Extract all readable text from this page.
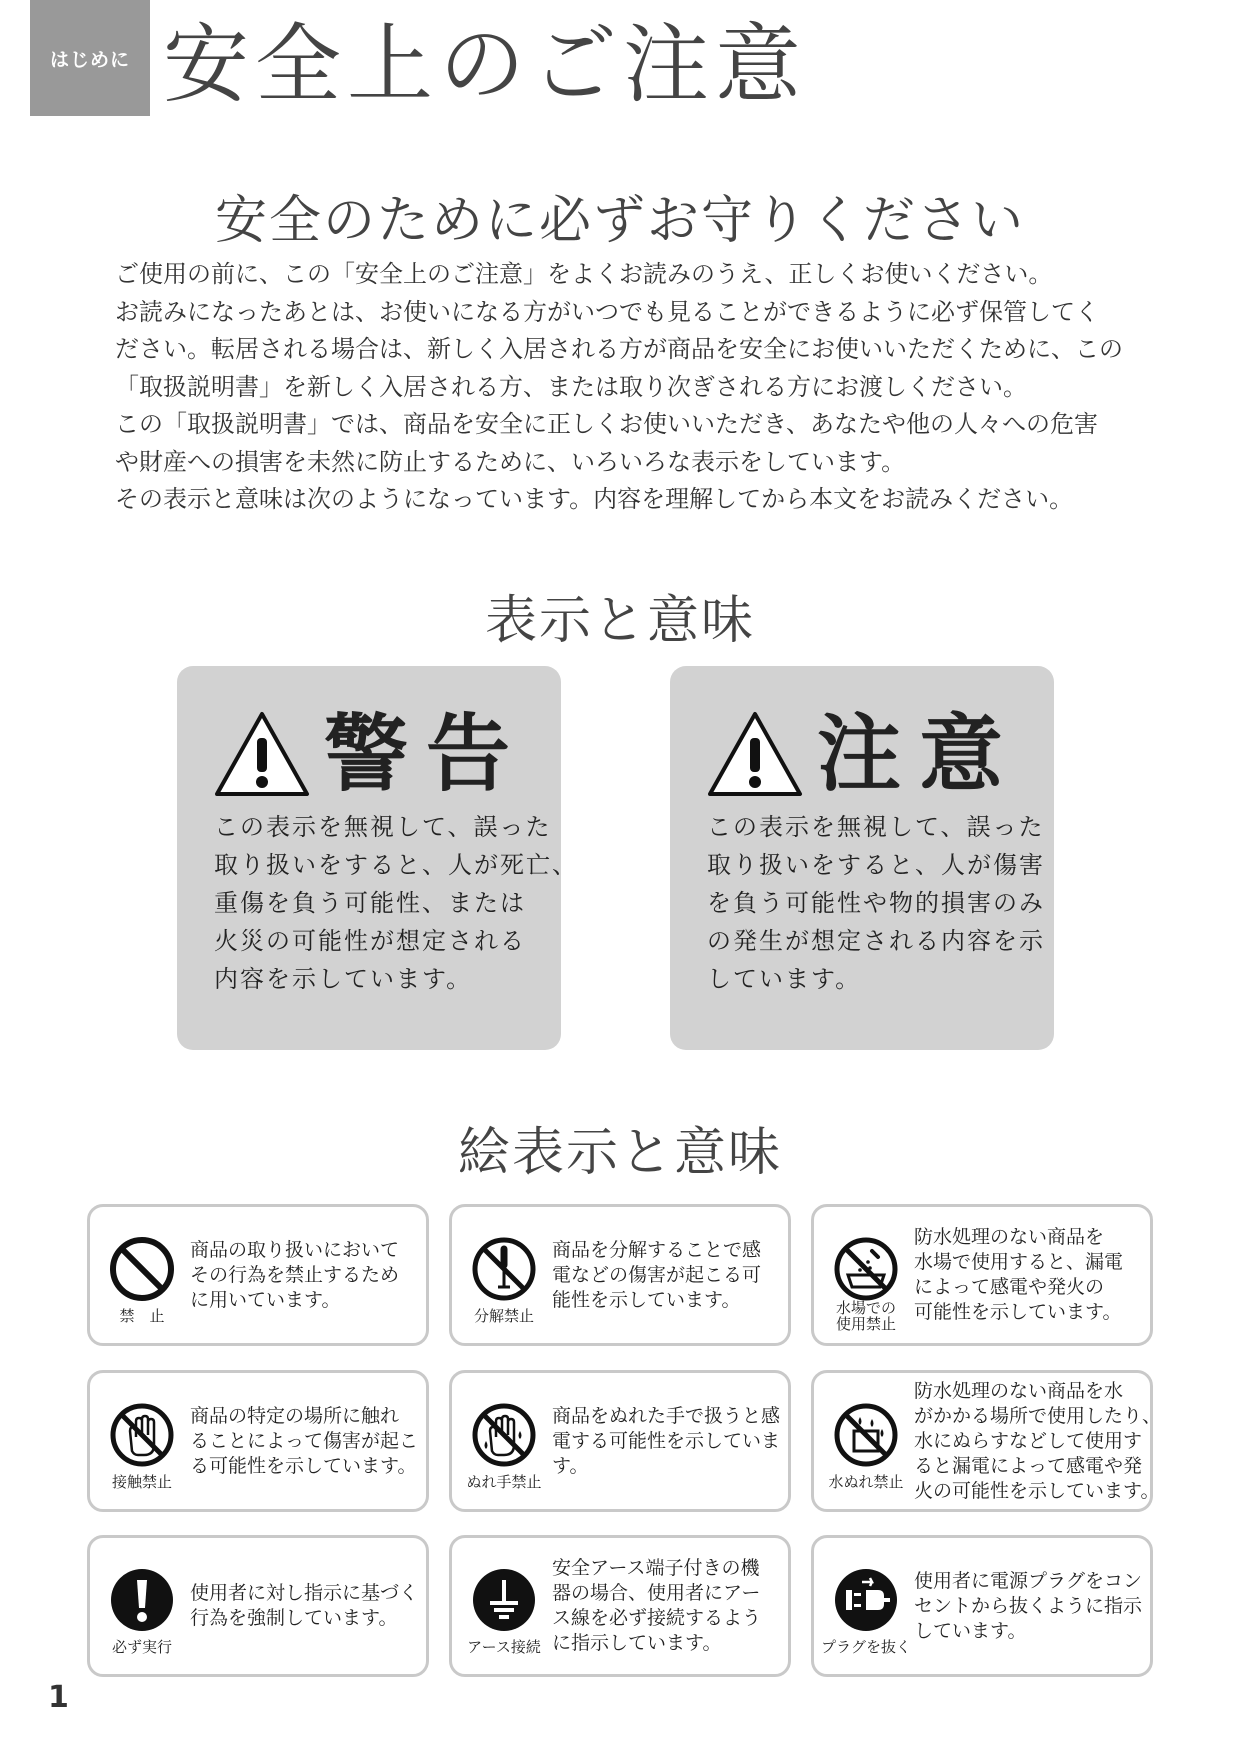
はじめに 安全上のご注意
安全のために必ずお守りください

ご使用の前に、この「安全上のご注意」をよくお読みのうえ、正しくお使いください。

お読みになったあとは、お使いになる方がいつでも見ることができるように必ず保管してく

ださい。転居される場合は、新しく入居される方が商品を安全にお使いいただくために、この

「取扱説明書」を新しく入居される方、または取り次ぎされる方にお渡しください。

この「取扱説明書」では、商品を安全に正しくお使いいただき、あなたや他の人々への危害

や財産への損害を未然に防止するために、いろいろな表示をしています。

その表示と意味は次のようになっています。内容を理解してから本文をお読みください。

表示と意味
警告

この表示を無視して、誤った

取り扱いをすると、人が死亡、

重傷を負う可能性、または

火災の可能性が想定される

内容を示しています。

注意

この表示を無視して、誤った

取り扱いをすると、人が傷害

を負う可能性や物的損害のみ

の発生が想定される内容を示

しています。

絵表示と意味
禁　止

商品の取り扱いにおいて

その行為を禁止するため

に用いています。

分解禁止

商品を分解することで感

電などの傷害が起こる可

能性を示しています。	水場での
使用禁止

防水処理のない商品を

水場で使用すると、漏電

によって感電や発火の

可能性を示しています。

接触禁止

商品の特定の場所に触れ

ることによって傷害が起こ

る可能性を示しています。

ぬれ手禁止

商品をぬれた手で扱うと感

電する可能性を示していま

す。

水ぬれ禁止

防水処理のない商品を水

がかかる場所で使用したり、

水にぬらすなどして使用す

ると漏電によって感電や発

火の可能性を示しています。

必ず実行

使用者に対し指示に基づく

行為を強制しています。

アース接続

安全アース端子付きの機

器の場合、使用者にアー

ス線を必ず接続するよう

に指示しています。	プラグを抜く

使用者に電源プラグをコン

セントから抜くように指示

しています。

1
